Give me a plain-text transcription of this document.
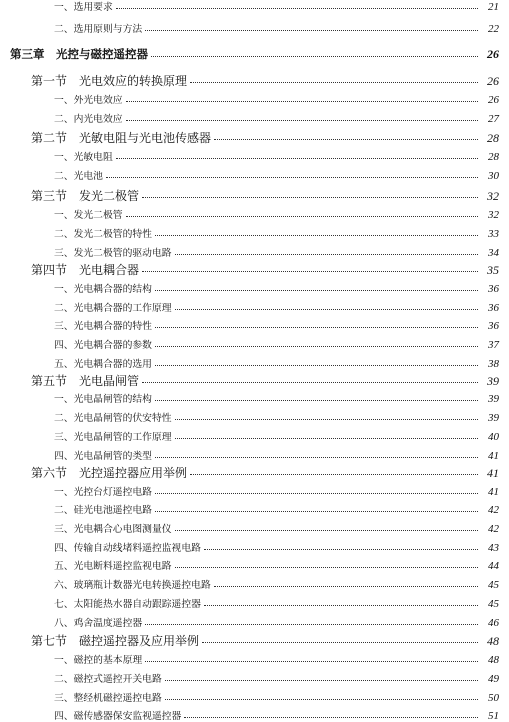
一、选用要求	21
二、选用原则与方法	22
第三章　光控与磁控遥控器	26
第一节　光电效应的转换原理	26
一、外光电效应	26
二、内光电效应	27
第二节　光敏电阻与光电池传感器	28
一、光敏电阻	28
二、光电池	30
第三节　发光二极管	32
一、发光二极管	32
二、发光二极管的特性	33
三、发光二极管的驱动电路	34
第四节　光电耦合器	35
一、光电耦合器的结构	36
二、光电耦合器的工作原理	36
三、光电耦合器的特性	36
四、光电耦合器的参数	37
五、光电耦合器的选用	38
第五节　光电晶闸管	39
一、光电晶闸管的结构	39
二、光电晶闸管的伏安特性	39
三、光电晶闸管的工作原理	40
四、光电晶闸管的类型	41
第六节　光控遥控器应用举例	41
一、光控台灯遥控电路	41
二、硅光电池遥控电路	42
三、光电耦合心电图测量仪	42
四、传输自动线堵料遥控监视电路	43
五、光电断料遥控监视电路	44
六、玻璃瓶计数器光电转换遥控电路	45
七、太阳能热水器自动跟踪遥控器	45
八、鸡舍温度遥控器	46
第七节　磁控遥控器及应用举例	48
一、磁控的基本原理	48
二、磁控式遥控开关电路	49
三、整经机磁控遥控电路	50
四、磁传感器保安监视遥控器	51
